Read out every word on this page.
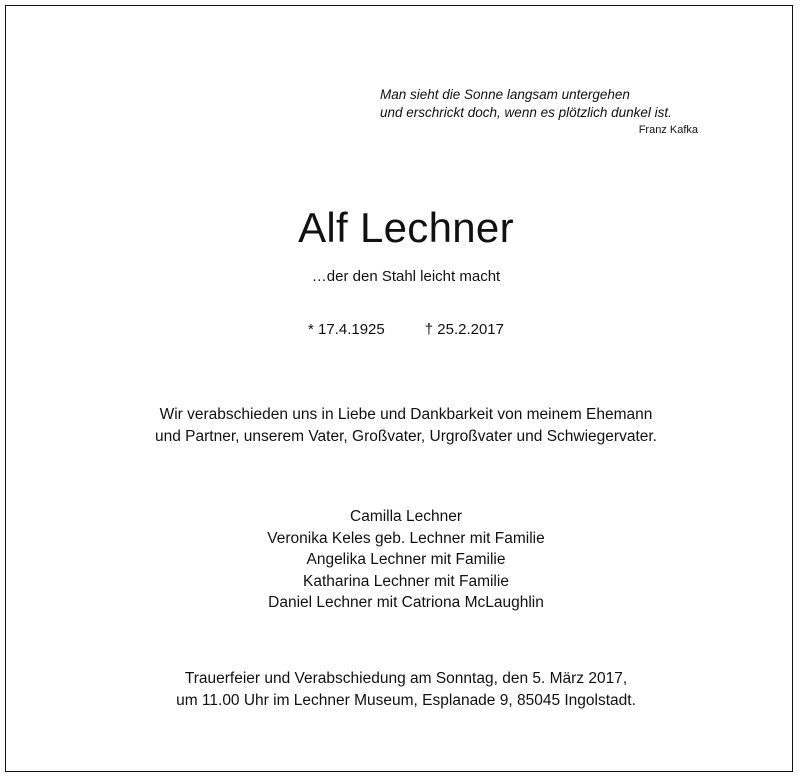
Man sieht die Sonne langsam untergehen
und erschrickt doch, wenn es plötzlich dunkel ist.
Franz Kafka
Alf Lechner
…der den Stahl leicht macht
* 17.4.1925	† 25.2.2017
Wir verabschieden uns in Liebe und Dankbarkeit von meinem Ehemann
und Partner, unserem Vater, Großvater, Urgroßvater und Schwiegervater.
Camilla Lechner
Veronika Keles geb. Lechner mit Familie
Angelika Lechner mit Familie
Katharina Lechner mit Familie
Daniel Lechner mit Catriona McLaughlin
Trauerfeier und Verabschiedung am Sonntag, den 5. März 2017,
um 11.00 Uhr im Lechner Museum, Esplanade 9, 85045 Ingolstadt.
